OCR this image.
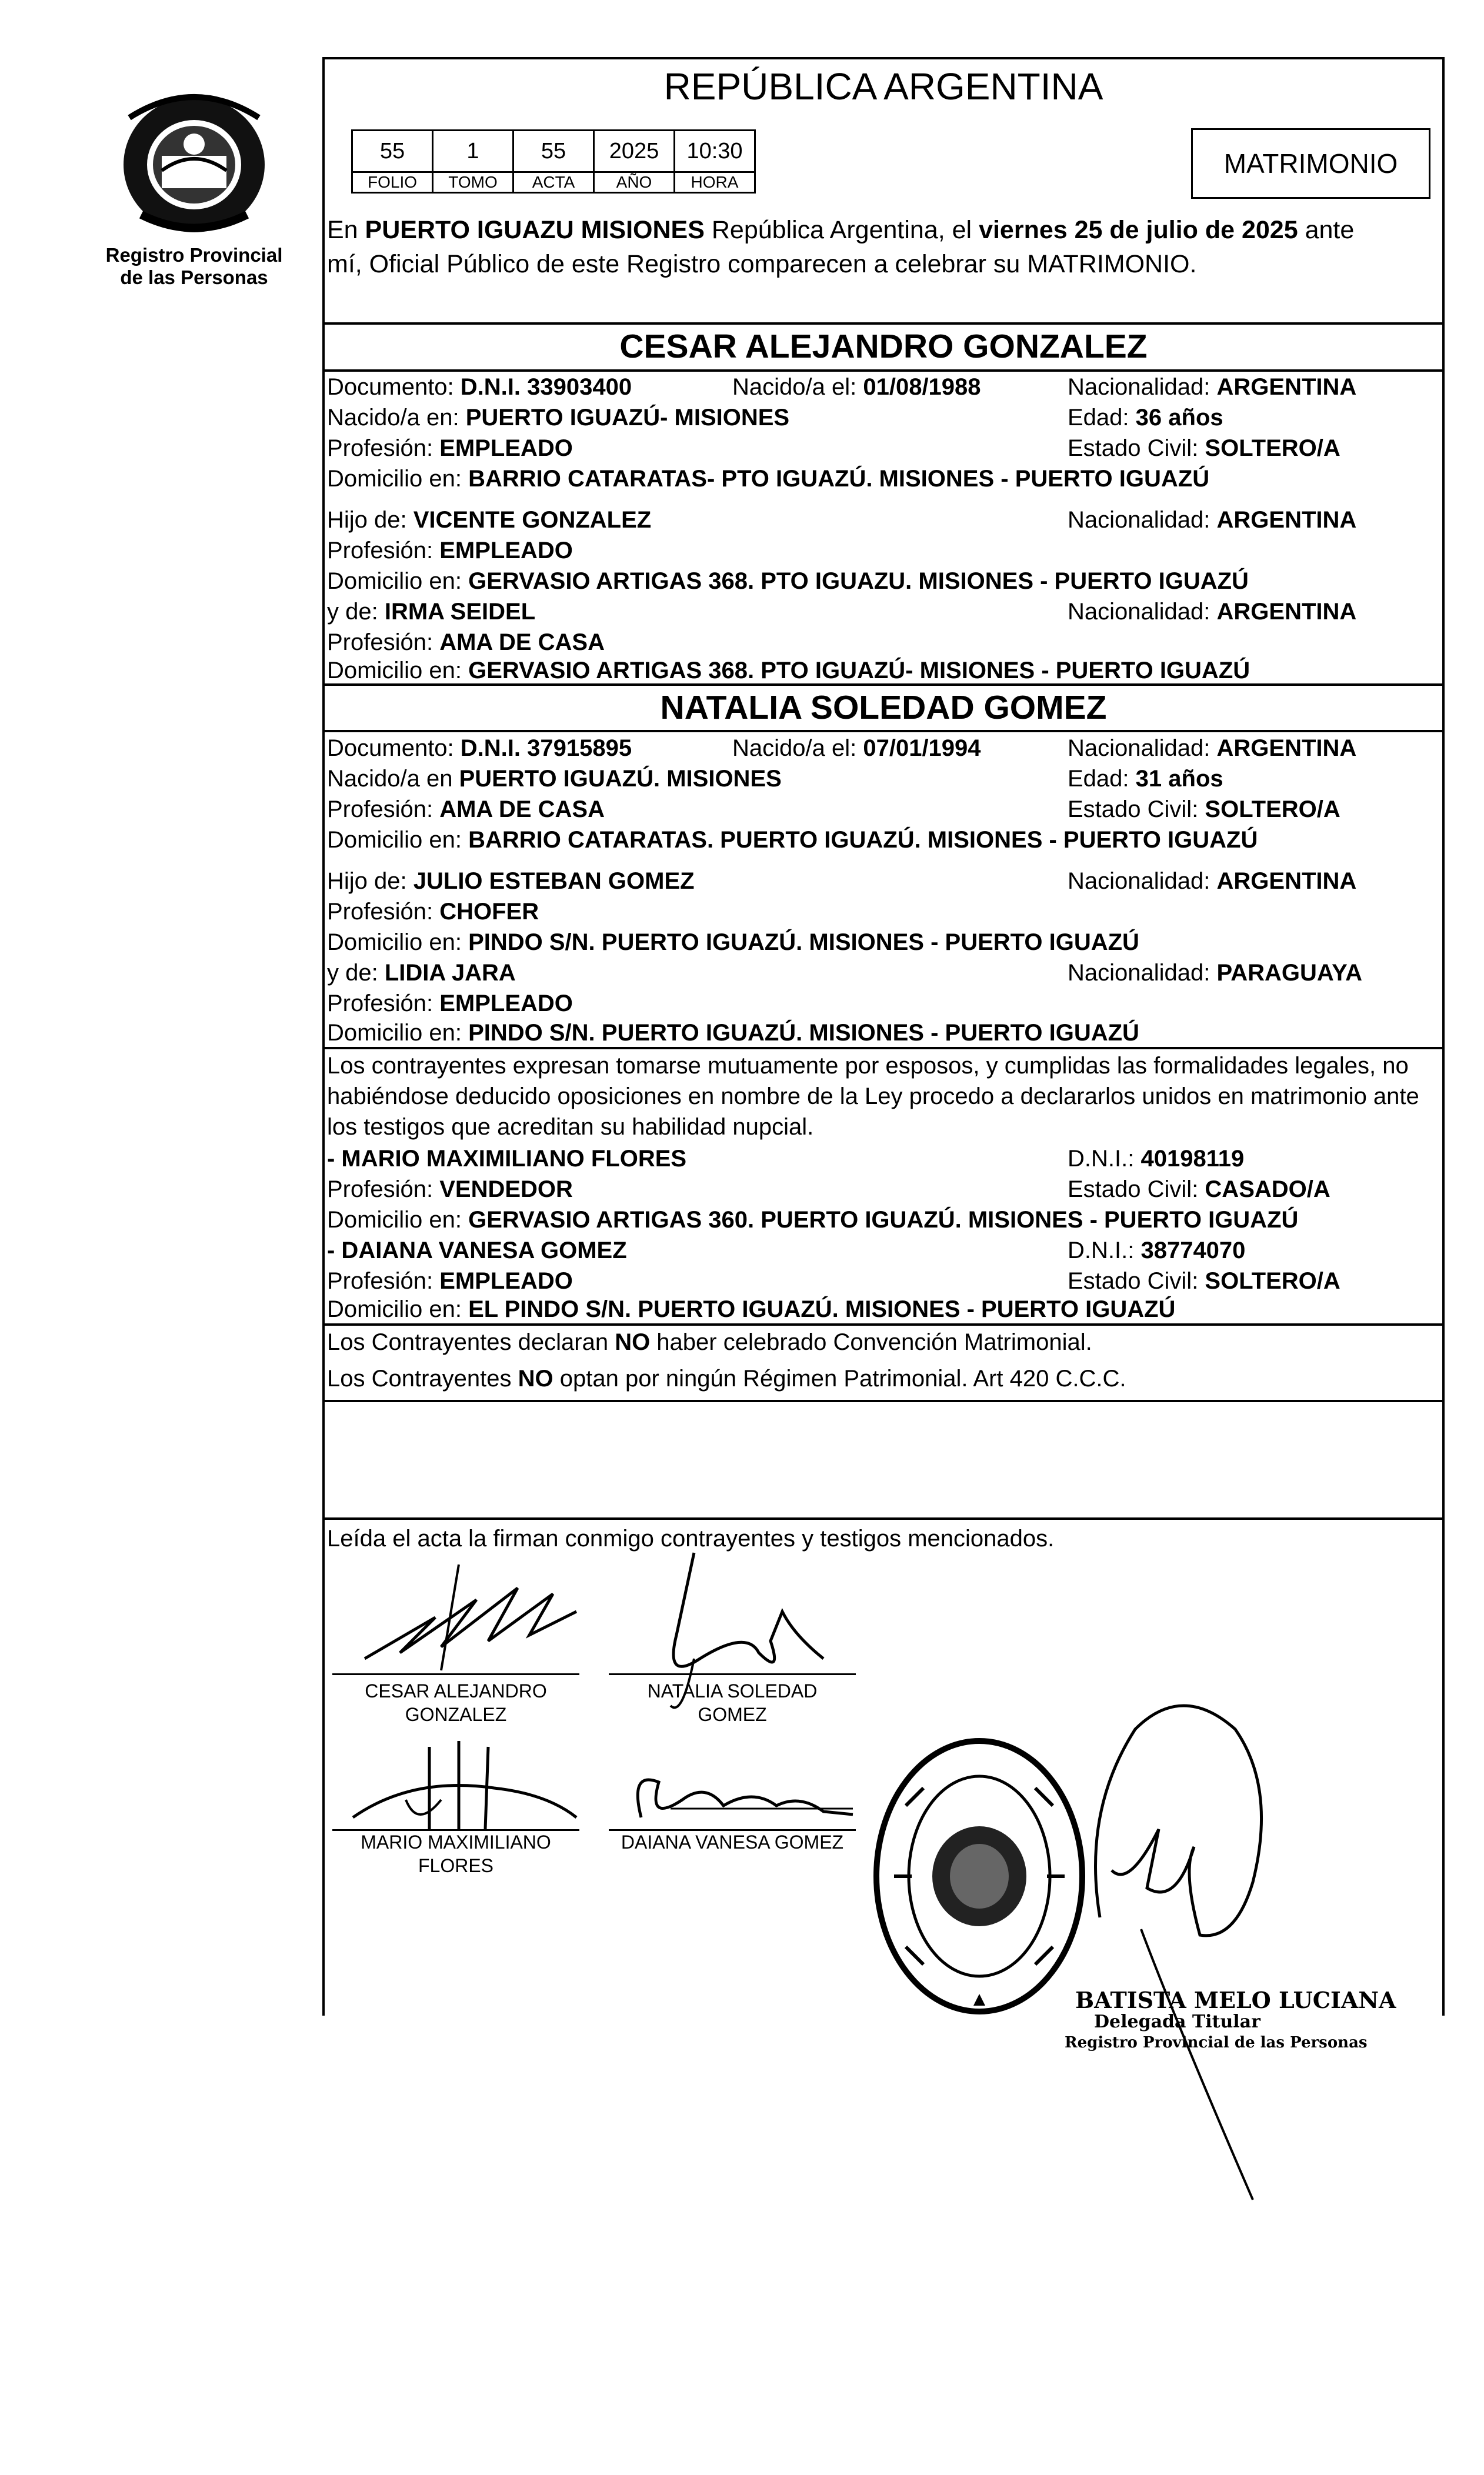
Registro Provincial
de las Personas
REPÚBLICA ARGENTINA
55	1	55	2025	10:30
FOLIO	TOMO	ACTA	AÑO	HORA
MATRIMONIO
En PUERTO IGUAZU MISIONES República Argentina, el viernes 25 de julio de 2025 ante
mí, Oficial Público de este Registro comparecen a celebrar su MATRIMONIO.
CESAR ALEJANDRO GONZALEZ
Documento: D.N.I. 33903400	Nacido/a el: 01/08/1988	Nacionalidad: ARGENTINA
Nacido/a en: PUERTO IGUAZÚ- MISIONES	Edad: 36 años
Profesión: EMPLEADO	Estado Civil: SOLTERO/A
Domicilio en: BARRIO CATARATAS- PTO IGUAZÚ. MISIONES - PUERTO IGUAZÚ
Hijo de: VICENTE GONZALEZ	Nacionalidad: ARGENTINA
Profesión: EMPLEADO
Domicilio en: GERVASIO ARTIGAS 368. PTO IGUAZU. MISIONES - PUERTO IGUAZÚ
y de: IRMA SEIDEL	Nacionalidad: ARGENTINA
Profesión: AMA DE CASA
Domicilio en: GERVASIO ARTIGAS 368. PTO IGUAZÚ- MISIONES - PUERTO IGUAZÚ
NATALIA SOLEDAD GOMEZ
Documento: D.N.I. 37915895	Nacido/a el: 07/01/1994	Nacionalidad: ARGENTINA
Nacido/a en PUERTO IGUAZÚ. MISIONES	Edad: 31 años
Profesión: AMA DE CASA	Estado Civil: SOLTERO/A
Domicilio en: BARRIO CATARATAS. PUERTO IGUAZÚ. MISIONES - PUERTO IGUAZÚ
Hijo de: JULIO ESTEBAN GOMEZ	Nacionalidad: ARGENTINA
Profesión: CHOFER
Domicilio en: PINDO S/N. PUERTO IGUAZÚ. MISIONES - PUERTO IGUAZÚ
y de: LIDIA JARA	Nacionalidad: PARAGUAYA
Profesión: EMPLEADO
Domicilio en: PINDO S/N. PUERTO IGUAZÚ. MISIONES - PUERTO IGUAZÚ
Los contrayentes expresan tomarse mutuamente por esposos, y cumplidas las formalidades legales, no
habiéndose deducido oposiciones en nombre de la Ley procedo a declararlos unidos en matrimonio ante
los testigos que acreditan su habilidad nupcial.
- MARIO MAXIMILIANO FLORES	D.N.I.: 40198119
Profesión: VENDEDOR	Estado Civil: CASADO/A
Domicilio en: GERVASIO ARTIGAS 360. PUERTO IGUAZÚ. MISIONES - PUERTO IGUAZÚ
- DAIANA VANESA GOMEZ	D.N.I.: 38774070
Profesión: EMPLEADO	Estado Civil: SOLTERO/A
Domicilio en: EL PINDO S/N. PUERTO IGUAZÚ. MISIONES - PUERTO IGUAZÚ
Los Contrayentes declaran NO haber celebrado Convención Matrimonial.
Los Contrayentes NO optan por ningún Régimen Patrimonial. Art 420 C.C.C.
Leída el acta la firman conmigo contrayentes y testigos mencionados.
CESAR ALEJANDRO
GONZALEZ
NATALIA SOLEDAD
GOMEZ
MARIO MAXIMILIANO
FLORES
DAIANA VANESA GOMEZ
BATISTA MELO LUCIANA
Delegada Titular
Registro Provincial de las Personas
